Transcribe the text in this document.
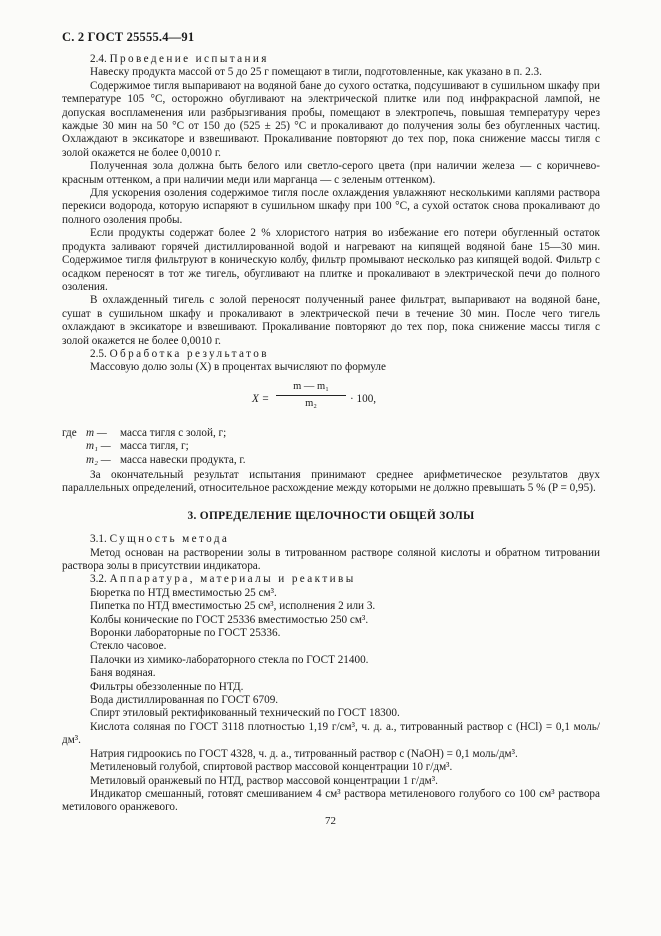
С. 2 ГОСТ 25555.4—91

2.4. Проведение испытания

Навеску продукта массой от 5 до 25 г помещают в тигли, подготовленные, как указано в п. 2.3.

Содержимое тигля выпаривают на водяной бане до сухого остатка, подсушивают в сушильном шкафу при температуре 105 °С, осторожно обугливают на электрической плитке или под инфракрасной лампой, не допуская воспламенения или разбрызгивания пробы, помещают в электропечь, повышая температуру через каждые 30 мин на 50 °С от 150 до (525 ± 25) °С и прокаливают до получения золы без обугленных частиц. Охлаждают в эксикаторе и взвешивают. Прокаливание повторяют до тех пор, пока снижение массы тигля с золой окажется не более 0,0010 г.

Полученная зола должна быть белого или светло-серого цвета (при наличии железа — с коричнево-красным оттенком, а при наличии меди или марганца — с зеленым оттенком).

Для ускорения озоления содержимое тигля после охлаждения увлажняют несколькими каплями раствора перекиси водорода, которую испаряют в сушильном шкафу при 100 °С, а сухой остаток снова прокаливают до полного озоления пробы.

Если продукты содержат более 2 % хлористого натрия во избежание его потери обугленный остаток продукта заливают горячей дистиллированной водой и нагревают на кипящей водяной бане 15—30 мин. Содержимое тигля фильтруют в коническую колбу, фильтр промывают несколько раз кипящей водой. Фильтр с осадком переносят в тот же тигель, обугливают на плитке и прокаливают в электрической печи до полного озоления.

В охлажденный тигель с золой переносят полученный ранее фильтрат, выпаривают на водяной бане, сушат в сушильном шкафу и прокаливают в электрической печи в течение 30 мин. После чего тигель охлаждают в эксикаторе и взвешивают. Прокаливание повторяют до тех пор, пока снижение массы тигля с золой окажется не более 0,0010 г.

2.5. Обработка результатов

Массовую долю золы (X) в процентах вычисляют по формуле

X =
m — m₁
m₂	· 100,
где m —	масса тигля с золой, г;
m₁ — масса тигля, г;
m₂ — масса навески продукта, г.

За окончательный результат испытания принимают среднее арифметическое результатов двух параллельных определений, относительное расхождение между которыми не должно превышать 5 % (P = 0,95).

3. ОПРЕДЕЛЕНИЕ ЩЕЛОЧНОСТИ ОБЩЕЙ ЗОЛЫ

3.1. Сущность метода

Метод основан на растворении золы в титрованном растворе соляной кислоты и обратном титровании раствора золы в присутствии индикатора.

3.2. Аппаратура, материалы и реактивы

Бюретка по НТД вместимостью 25 см³.

Пипетка по НТД вместимостью 25 см³, исполнения 2 или 3.

Колбы конические по ГОСТ 25336 вместимостью 250 см³.

Воронки лабораторные по ГОСТ 25336.

Стекло часовое.

Палочки из химико-лабораторного стекла по ГОСТ 21400.

Баня водяная.

Фильтры обеззоленные по НТД.

Вода дистиллированная по ГОСТ 6709.

Спирт этиловый ректификованный технический по ГОСТ 18300.

Кислота соляная по ГОСТ 3118 плотностью 1,19 г/см³, ч. д. а., титрованный раствор c (HCl) = 0,1 моль/дм³.

Натрия гидроокись по ГОСТ 4328, ч. д. а., титрованный раствор c (NaOH) = 0,1 моль/дм³.

Метиленовый голубой, спиртовой раствор массовой концентрации 10 г/дм³.

Метиловый оранжевый по НТД, раствор массовой концентрации 1 г/дм³.

Индикатор смешанный, готовят смешиванием 4 см³ раствора метиленового голубого со 100 см³ раствора метилового оранжевого.

72
